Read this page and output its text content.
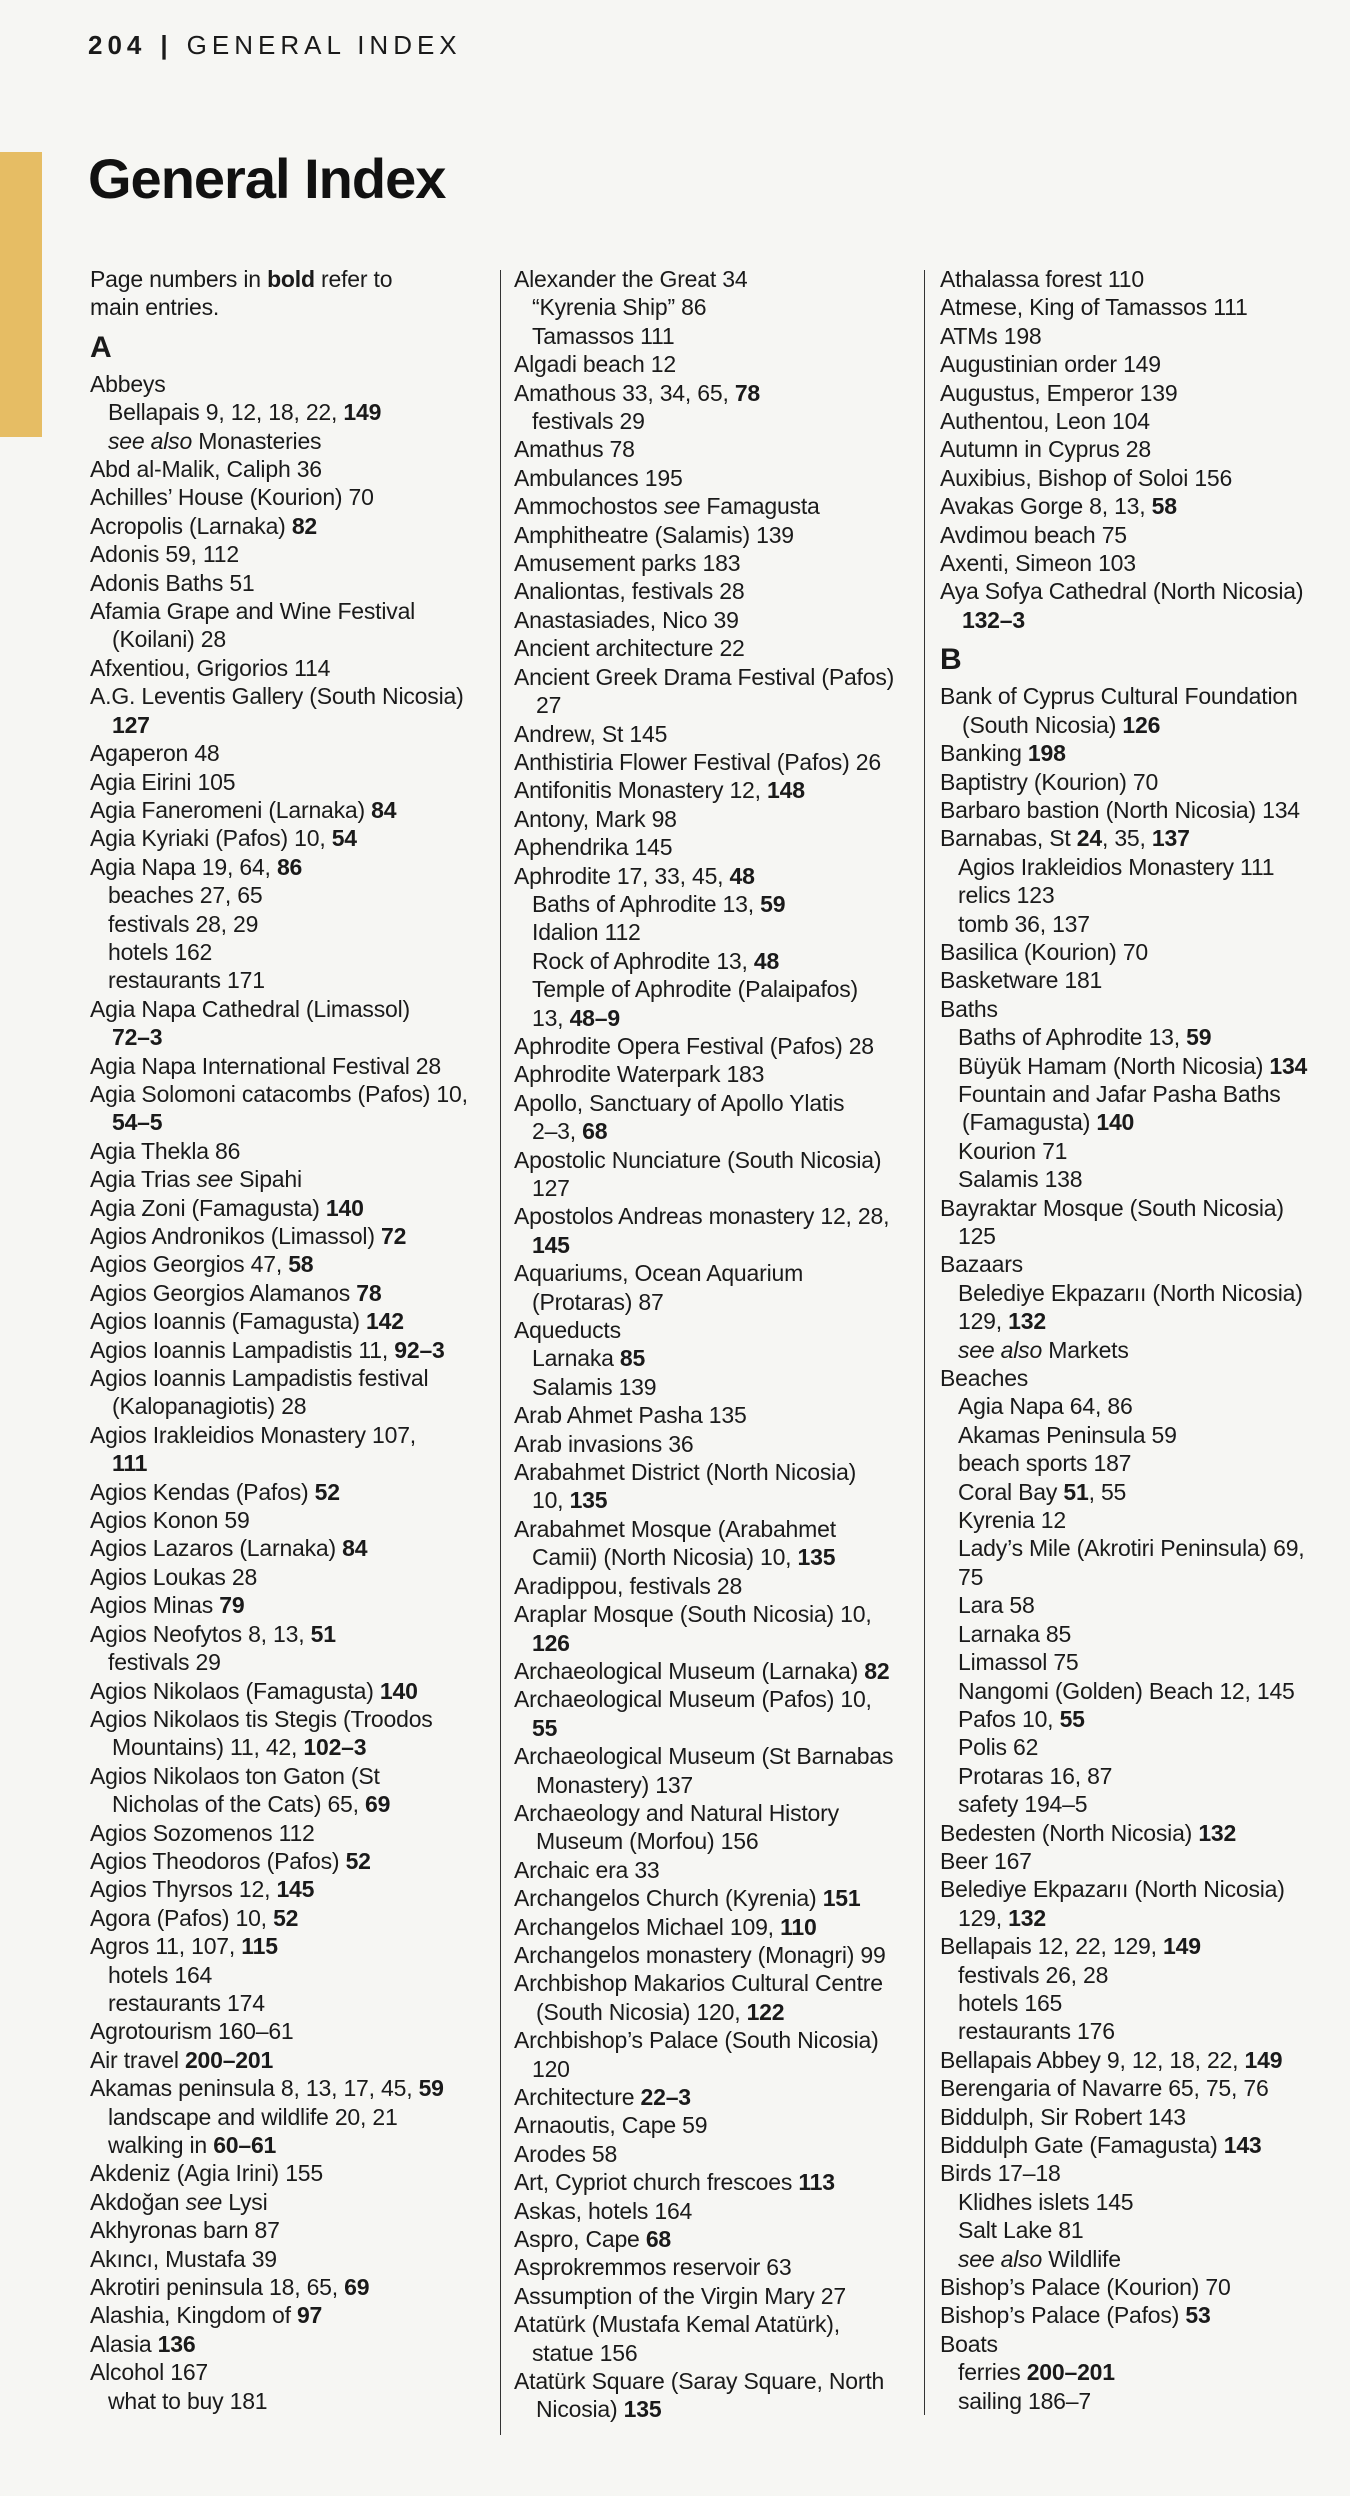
204 | GENERAL INDEX
General Index
Page numbers in bold refer to
main entries.
A
Abbeys
Bellapais 9, 12, 18, 22, 149
see also Monasteries
Abd al-Malik, Caliph 36
Achilles’ House (Kourion) 70
Acropolis (Larnaka) 82
Adonis 59, 112
Adonis Baths 51
Afamia Grape and Wine Festival
(Koilani) 28
Afxentiou, Grigorios 114
A.G. Leventis Gallery (South Nicosia)
127
Agaperon 48
Agia Eirini 105
Agia Faneromeni (Larnaka) 84
Agia Kyriaki (Pafos) 10, 54
Agia Napa 19, 64, 86
beaches 27, 65
festivals 28, 29
hotels 162
restaurants 171
Agia Napa Cathedral (Limassol)
72–3
Agia Napa International Festival 28
Agia Solomoni catacombs (Pafos) 10,
54–5
Agia Thekla 86
Agia Trias see Sipahi
Agia Zoni (Famagusta) 140
Agios Andronikos (Limassol) 72
Agios Georgios 47, 58
Agios Georgios Alamanos 78
Agios Ioannis (Famagusta) 142
Agios Ioannis Lampadistis 11, 92–3
Agios Ioannis Lampadistis festival
(Kalopanagiotis) 28
Agios Irakleidios Monastery 107,
111
Agios Kendas (Pafos) 52
Agios Konon 59
Agios Lazaros (Larnaka) 84
Agios Loukas 28
Agios Minas 79
Agios Neofytos 8, 13, 51
festivals 29
Agios Nikolaos (Famagusta) 140
Agios Nikolaos tis Stegis (Troodos
Mountains) 11, 42, 102–3
Agios Nikolaos ton Gaton (St
Nicholas of the Cats) 65, 69
Agios Sozomenos 112
Agios Theodoros (Pafos) 52
Agios Thyrsos 12, 145
Agora (Pafos) 10, 52
Agros 11, 107, 115
hotels 164
restaurants 174
Agrotourism 160–61
Air travel 200–201
Akamas peninsula 8, 13, 17, 45, 59
landscape and wildlife 20, 21
walking in 60–61
Akdeniz (Agia Irini) 155
Akdoğan see Lysi
Akhyronas barn 87
Akıncı, Mustafa 39
Akrotiri peninsula 18, 65, 69
Alashia, Kingdom of 97
Alasia 136
Alcohol 167
what to buy 181
Alexander the Great 34
“Kyrenia Ship” 86
Tamassos 111
Algadi beach 12
Amathous 33, 34, 65, 78
festivals 29
Amathus 78
Ambulances 195
Ammochostos see Famagusta
Amphitheatre (Salamis) 139
Amusement parks 183
Analiontas, festivals 28
Anastasiades, Nico 39
Ancient architecture 22
Ancient Greek Drama Festival (Pafos)
27
Andrew, St 145
Anthistiria Flower Festival (Pafos) 26
Antifonitis Monastery 12, 148
Antony, Mark 98
Aphendrika 145
Aphrodite 17, 33, 45, 48
Baths of Aphrodite 13, 59
Idalion 112
Rock of Aphrodite 13, 48
Temple of Aphrodite (Palaipafos)
13, 48–9
Aphrodite Opera Festival (Pafos) 28
Aphrodite Waterpark 183
Apollo, Sanctuary of Apollo Ylatis
2–3, 68
Apostolic Nunciature (South Nicosia)
127
Apostolos Andreas monastery 12, 28,
145
Aquariums, Ocean Aquarium
(Protaras) 87
Aqueducts
Larnaka 85
Salamis 139
Arab Ahmet Pasha 135
Arab invasions 36
Arabahmet District (North Nicosia)
10, 135
Arabahmet Mosque (Arabahmet
Camii) (North Nicosia) 10, 135
Aradippou, festivals 28
Araplar Mosque (South Nicosia) 10,
126
Archaeological Museum (Larnaka) 82
Archaeological Museum (Pafos) 10,
55
Archaeological Museum (St Barnabas
Monastery) 137
Archaeology and Natural History
Museum (Morfou) 156
Archaic era 33
Archangelos Church (Kyrenia) 151
Archangelos Michael 109, 110
Archangelos monastery (Monagri) 99
Archbishop Makarios Cultural Centre
(South Nicosia) 120, 122
Archbishop’s Palace (South Nicosia)
120
Architecture 22–3
Arnaoutis, Cape 59
Arodes 58
Art, Cypriot church frescoes 113
Askas, hotels 164
Aspro, Cape 68
Asprokremmos reservoir 63
Assumption of the Virgin Mary 27
Atatürk (Mustafa Kemal Atatürk),
statue 156
Atatürk Square (Saray Square, North
Nicosia) 135
Athalassa forest 110
Atmese, King of Tamassos 111
ATMs 198
Augustinian order 149
Augustus, Emperor 139
Authentou, Leon 104
Autumn in Cyprus 28
Auxibius, Bishop of Soloi 156
Avakas Gorge 8, 13, 58
Avdimou beach 75
Axenti, Simeon 103
Aya Sofya Cathedral (North Nicosia)
132–3
B
Bank of Cyprus Cultural Foundation
(South Nicosia) 126
Banking 198
Baptistry (Kourion) 70
Barbaro bastion (North Nicosia) 134
Barnabas, St 24, 35, 137
Agios Irakleidios Monastery 111
relics 123
tomb 36, 137
Basilica (Kourion) 70
Basketware 181
Baths
Baths of Aphrodite 13, 59
Büyük Hamam (North Nicosia) 134
Fountain and Jafar Pasha Baths
(Famagusta) 140
Kourion 71
Salamis 138
Bayraktar Mosque (South Nicosia)
125
Bazaars
Belediye Ekpazarıı (North Nicosia)
129, 132
see also Markets
Beaches
Agia Napa 64, 86
Akamas Peninsula 59
beach sports 187
Coral Bay 51, 55
Kyrenia 12
Lady’s Mile (Akrotiri Peninsula) 69,
75
Lara 58
Larnaka 85
Limassol 75
Nangomi (Golden) Beach 12, 145
Pafos 10, 55
Polis 62
Protaras 16, 87
safety 194–5
Bedesten (North Nicosia) 132
Beer 167
Belediye Ekpazarıı (North Nicosia)
129, 132
Bellapais 12, 22, 129, 149
festivals 26, 28
hotels 165
restaurants 176
Bellapais Abbey 9, 12, 18, 22, 149
Berengaria of Navarre 65, 75, 76
Biddulph, Sir Robert 143
Biddulph Gate (Famagusta) 143
Birds 17–18
Klidhes islets 145
Salt Lake 81
see also Wildlife
Bishop’s Palace (Kourion) 70
Bishop’s Palace (Pafos) 53
Boats
ferries 200–201
sailing 186–7
